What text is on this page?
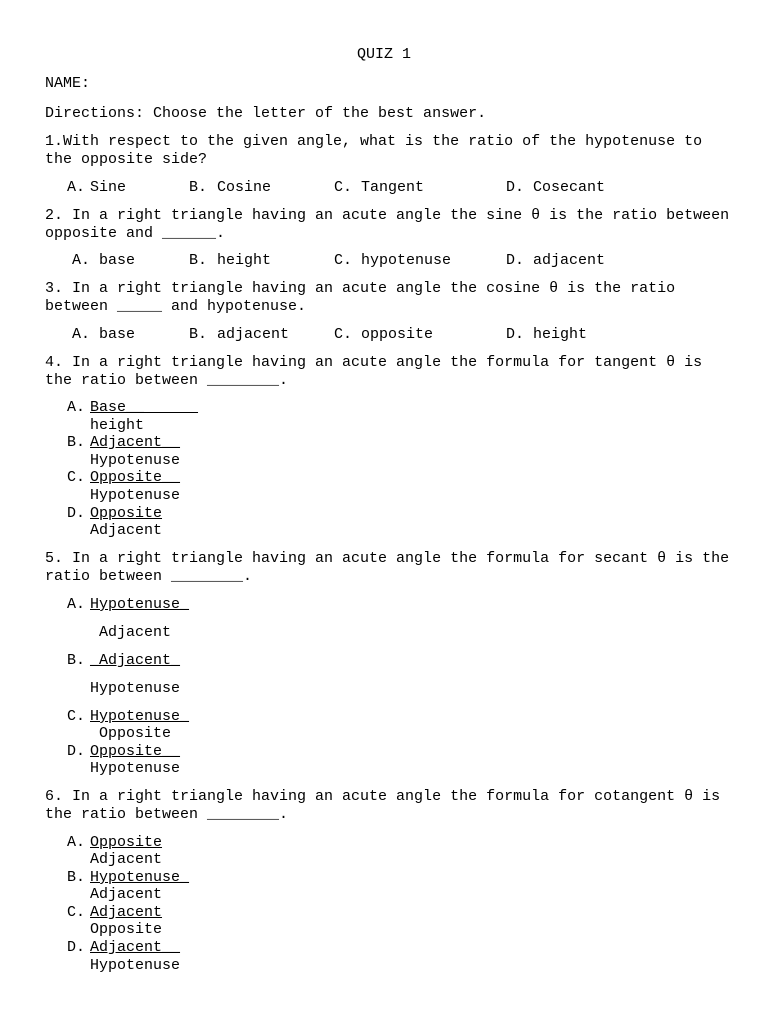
QUIZ 1
NAME:
Directions: Choose the letter of the best answer.
1.With respect to the given angle, what is the ratio of the hypotenuse to the opposite side?
A. Sine	B. Cosine	C. Tangent	D. Cosecant
2. In a right triangle having an acute angle the sine θ is the ratio between opposite and ______.
A. base	B. height	C. hypotenuse	D. adjacent
3. In a right triangle having an acute angle the cosine θ is the ratio between _____ and hypotenuse.
A. base	B. adjacent	C. opposite	D. height
4. In a right triangle having an acute angle the formula for tangent θ is the ratio between ________.
A. Base__
height
B. Adjacent__
Hypotenuse
C. Opposite__
Hypotenuse
D. Opposite
Adjacent
5. In a right triangle having an acute angle the formula for secant θ is the ratio between ________.
A. Hypotenuse_
Adjacent
B. _Adjacent_
Hypotenuse
C. Hypotenuse_
Opposite
D. Opposite__
Hypotenuse
6. In a right triangle having an acute angle the formula for cotangent θ is the ratio between ________.
A. Opposite
Adjacent
B. Hypotenuse_
Adjacent
C. Adjacent
Opposite
D. Adjacent__
Hypotenuse
